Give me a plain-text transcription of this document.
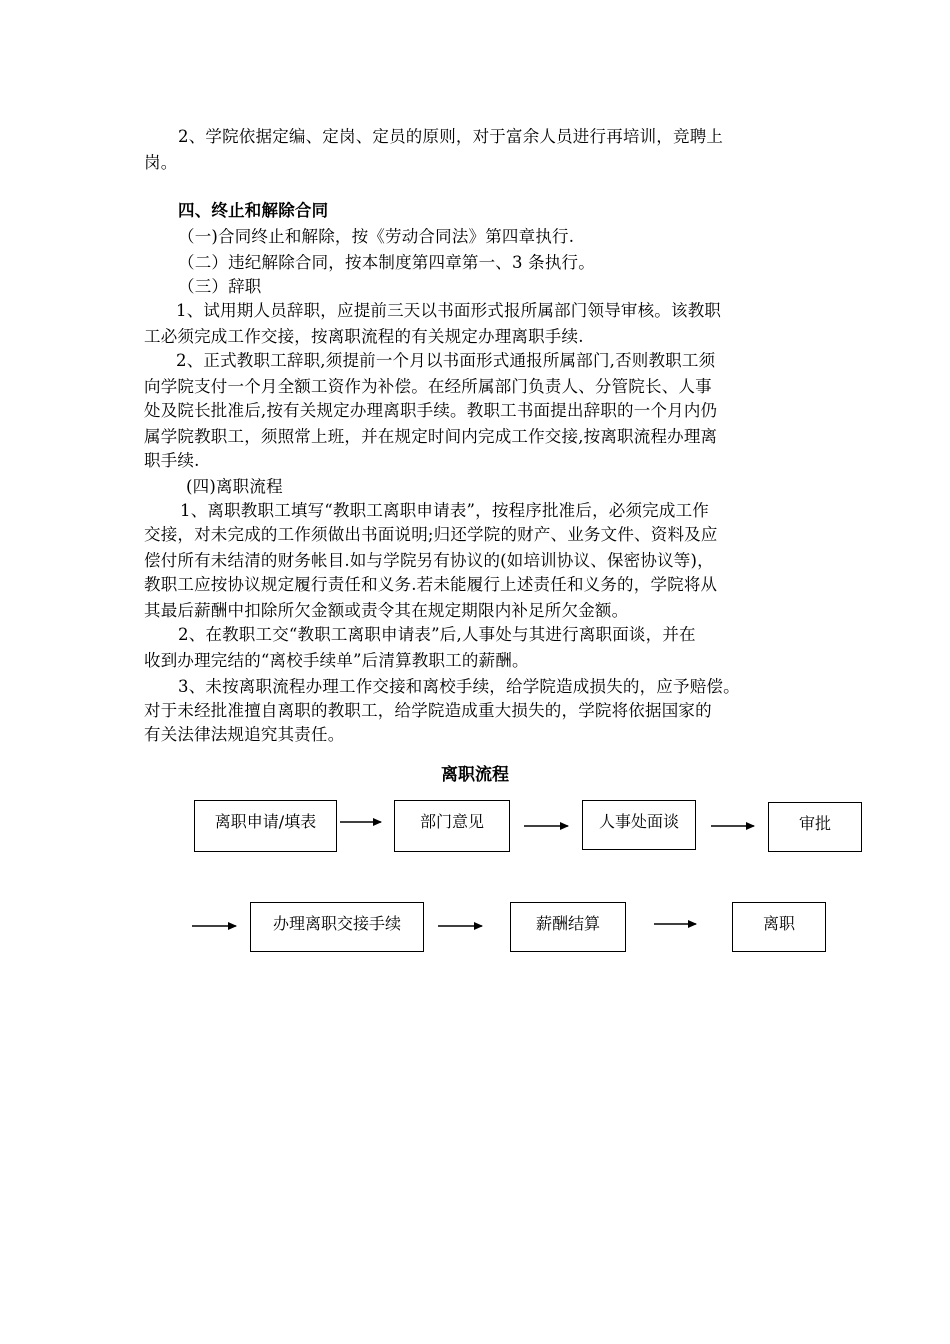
2、学院依据定编、定岗、定员的原则，对于富余人员进行再培训，竞聘上
岗。
四、终止和解除合同
（一)合同终止和解除，按《劳动合同法》第四章执行.
（二）违纪解除合同，按本制度第四章第一、3 条执行。
（三）辞职
1、试用期人员辞职，应提前三天以书面形式报所属部门领导审核。该教职
工必须完成工作交接，按离职流程的有关规定办理离职手续.
2、正式教职工辞职,须提前一个月以书面形式通报所属部门,否则教职工须
向学院支付一个月全额工资作为补偿。在经所属部门负责人、分管院长、人事
处及院长批准后,按有关规定办理离职手续。教职工书面提出辞职的一个月内仍
属学院教职工，须照常上班，并在规定时间内完成工作交接,按离职流程办理离
职手续.
(四)离职流程
1、离职教职工填写“教职工离职申请表”，按程序批准后，必须完成工作
交接，对未完成的工作须做出书面说明;归还学院的财产、业务文件、资料及应
偿付所有未结清的财务帐目.如与学院另有协议的(如培训协议、保密协议等)，
教职工应按协议规定履行责任和义务.若未能履行上述责任和义务的，学院将从
其最后薪酬中扣除所欠金额或责令其在规定期限内补足所欠金额。
2、在教职工交“教职工离职申请表”后,人事处与其进行离职面谈，并在
收到办理完结的“离校手续单”后清算教职工的薪酬。
3、未按离职流程办理工作交接和离校手续，给学院造成损失的，应予赔偿。
对于未经批准擅自离职的教职工，给学院造成重大损失的，学院将依据国家的
有关法律法规追究其责任。
离职流程
离职申请/填表	部门意见	人事处面谈	审批
办理离职交接手续	薪酬结算	离职
